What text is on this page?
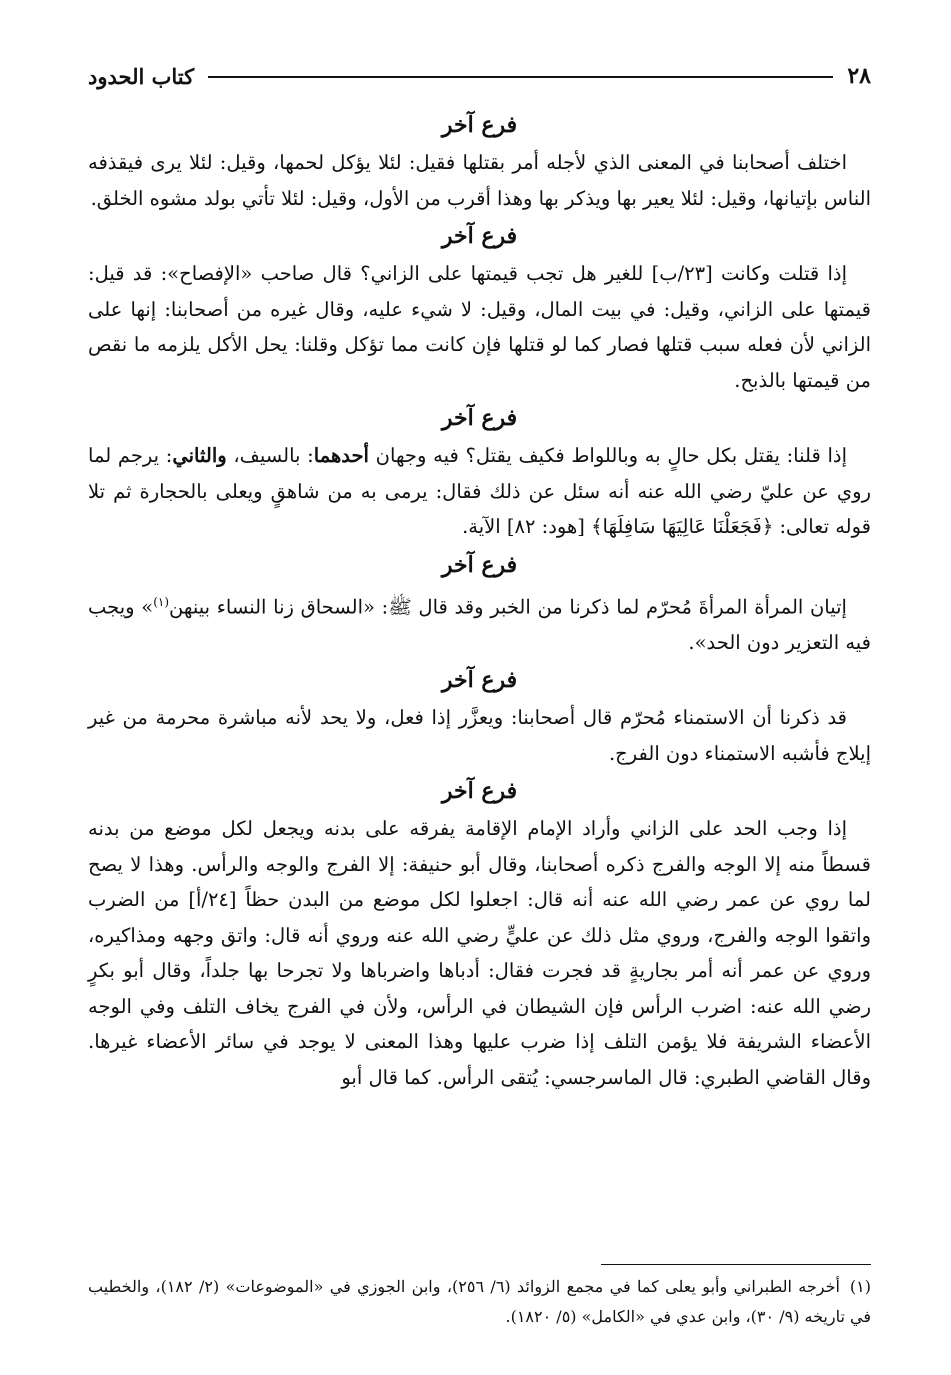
٢٨
كتاب الحدود
فرع آخر

اختلف أصحابنا في المعنى الذي لأجله أمر بقتلها فقيل: لئلا يؤكل لحمها، وقيل: لئلا يرى فيقذفه الناس بإتيانها، وقيل: لئلا يعير بها ويذكر بها وهذا أقرب من الأول، وقيل: لئلا تأتي بولد مشوه الخلق.

فرع آخر

إذا قتلت وكانت [٢٣/ب] للغير هل تجب قيمتها على الزاني؟ قال صاحب «الإفصاح»: قد قيل: قيمتها على الزاني، وقيل: في بيت المال، وقيل: لا شيء عليه، وقال غيره من أصحابنا: إنها على الزاني لأن فعله سبب قتلها فصار كما لو قتلها فإن كانت مما تؤكل وقلنا: يحل الأكل يلزمه ما نقص من قيمتها بالذبح.

فرع آخر

إذا قلنا: يقتل بكل حالٍ به وباللواط فكيف يقتل؟ فيه وجهان أحدهما: بالسيف، والثاني: يرجم لما روي عن عليّ رضي الله عنه أنه سئل عن ذلك فقال: يرمى به من شاهقٍ ويعلى بالحجارة ثم تلا قوله تعالى: ﴿فَجَعَلْنَا عَالِيَهَا سَافِلَهَا﴾ [هود: ٨٢] الآية.

فرع آخر

إتيان المرأة المرأةَ مُحرّم لما ذكرنا من الخبر وقد قال ﷺ: «السحاق زنا النساء بينهن$^{(١)}$» ويجب فيه التعزير دون الحد».

فرع آخر

قد ذكرنا أن الاستمناء مُحرّم قال أصحابنا: ويعزَّر إذا فعل، ولا يحد لأنه مباشرة محرمة من غير إيلاج فأشبه الاستمناء دون الفرج.

فرع آخر

إذا وجب الحد على الزاني وأراد الإمام الإقامة يفرقه على بدنه ويجعل لكل موضع من بدنه قسطاً منه إلا الوجه والفرج ذكره أصحابنا، وقال أبو حنيفة: إلا الفرج والوجه والرأس. وهذا لا يصح لما روي عن عمر رضي الله عنه أنه قال: اجعلوا لكل موضع من البدن حظاً [٢٤/أ] من الضرب واتقوا الوجه والفرج، وروي مثل ذلك عن عليٍّ رضي الله عنه وروي أنه قال: واتق وجهه ومذاكيره، وروي عن عمر أنه أمر بجاريةٍ قد فجرت فقال: أدباها واضرباها ولا تجرحا بها جلداً، وقال أبو بكرٍ رضي الله عنه: اضرب الرأس فإن الشيطان في الرأس، ولأن في الفرج يخاف التلف وفي الوجه الأعضاء الشريفة فلا يؤمن التلف إذا ضرب عليها وهذا المعنى لا يوجد في سائر الأعضاء غيرها. وقال القاضي الطبري: قال الماسرجسي: يُتقى الرأس. كما قال أبو

(١)أخرجه الطبراني وأبو يعلى كما في مجمع الزوائد (٦/ ٢٥٦)، وابن الجوزي في «الموضوعات» (٢/ ١٨٢)، والخطيب في تاريخه (٩/ ٣٠)، وابن عدي في «الكامل» (٥/ ١٨٢٠).
